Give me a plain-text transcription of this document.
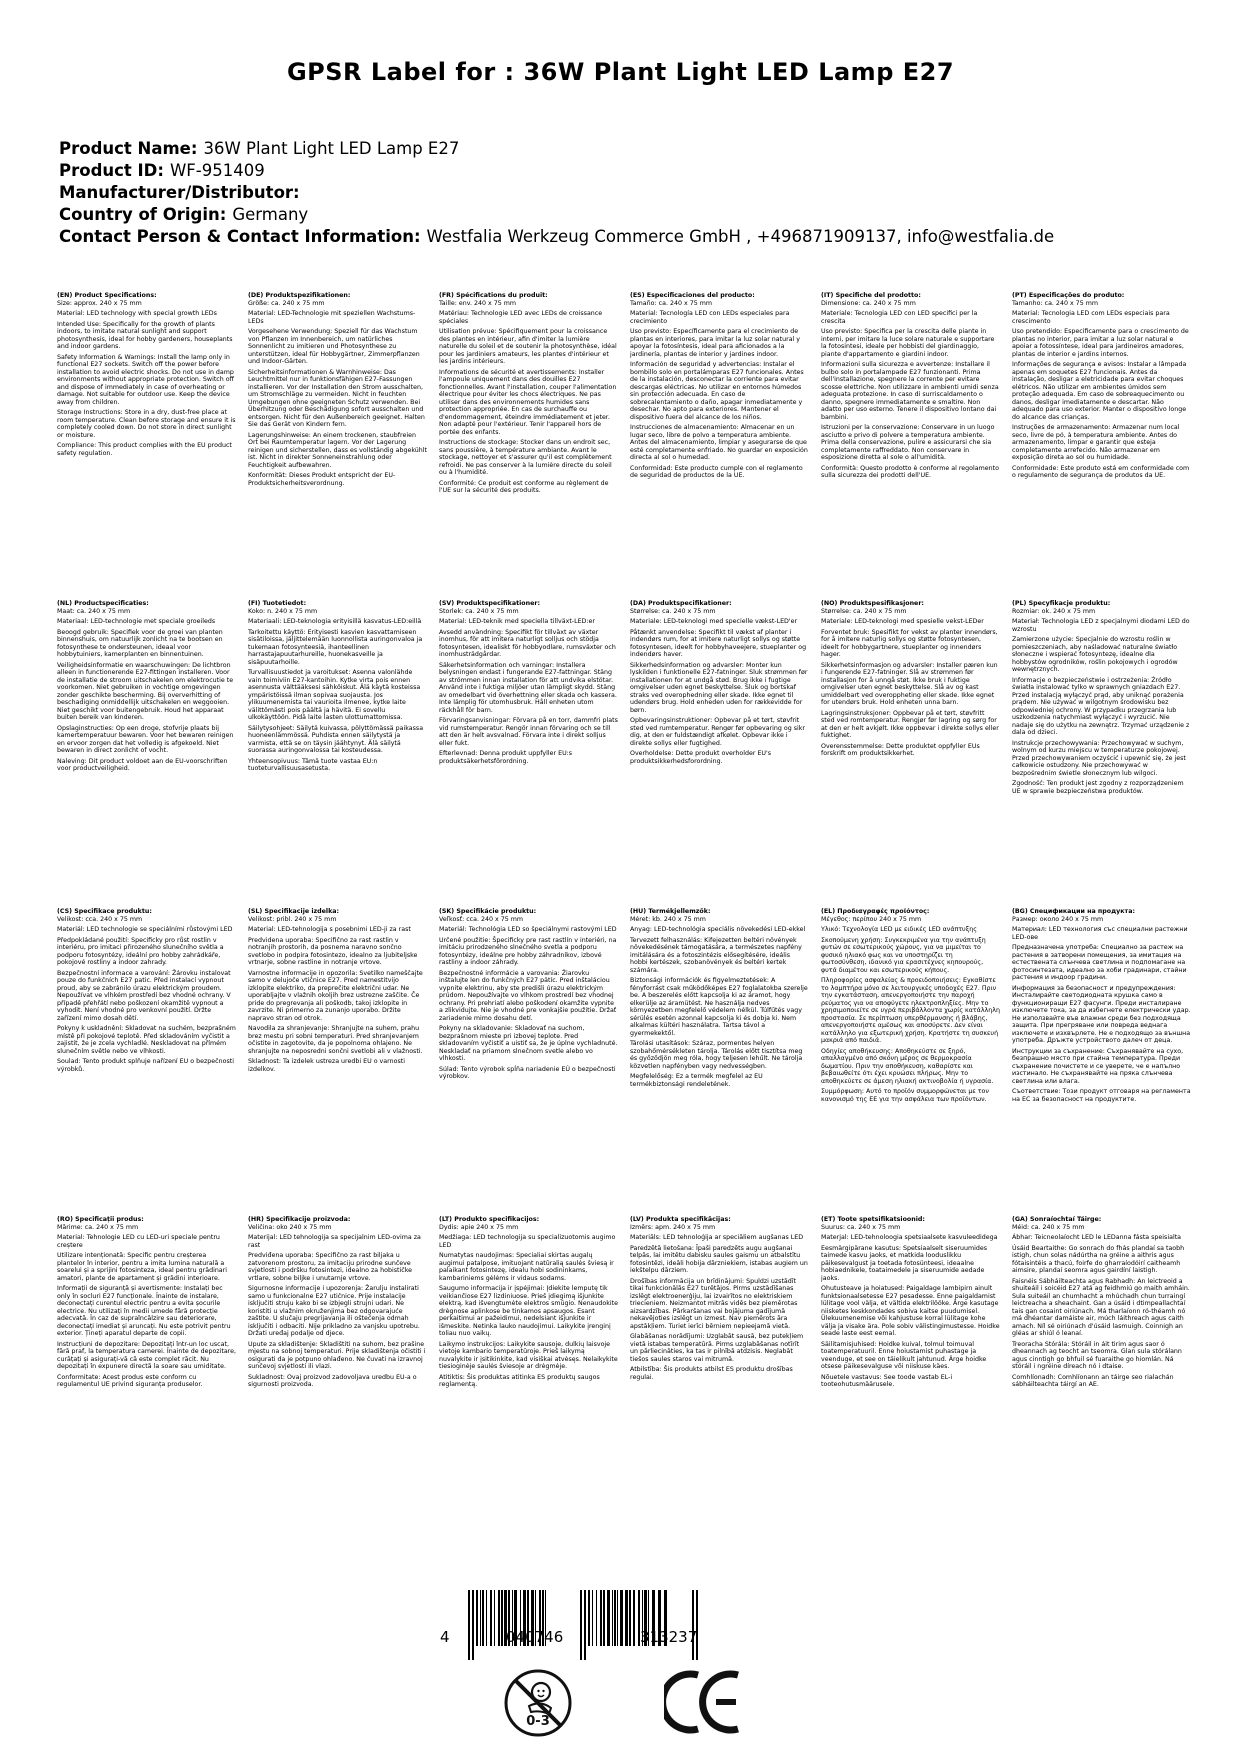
GPSR Label for : 36W Plant Light LED Lamp E27
Product Name: 36W Plant Light LED Lamp E27
Product ID: WF-951409
Manufacturer/Distributor:
Country of Origin: Germany
Contact Person & Contact Information: Westfalia Werkzeug Commerce GmbH , +496871909137, info@westfalia.de
(EN) Product Specifications:

Size: approx. 240 x 75 mm

Material: LED technology with special growth LEDs

Intended Use: Specifically for the growth of plants indoors, to imitate natural sunlight and support photosynthesis, ideal for hobby gardeners, houseplants and indoor gardens.

Safety Information & Warnings: Install the lamp only in functional E27 sockets. Switch off the power before installation to avoid electric shocks. Do not use in damp environments without appropriate protection. Switch off and dispose of immediately in case of overheating or damage. Not suitable for outdoor use. Keep the device away from children.

Storage Instructions: Store in a dry, dust-free place at room temperature. Clean before storage and ensure it is completely cooled down. Do not store in direct sunlight or moisture.

Compliance: This product complies with the EU product safety regulation.

(DE) Produktspezifikationen:

Größe: ca. 240 x 75 mm

Material: LED-Technologie mit speziellen Wachstums-LEDs

Vorgesehene Verwendung: Speziell für das Wachstum von Pflanzen im Innenbereich, um natürliches Sonnenlicht zu imitieren und Photosynthese zu unterstützen, ideal für Hobbygärtner, Zimmerpflanzen und Indoor-Gärten.

Sicherheitsinformationen & Warnhinweise: Das Leuchtmittel nur in funktionsfähigen E27-Fassungen installieren. Vor der Installation den Strom ausschalten, um Stromschläge zu vermeiden. Nicht in feuchten Umgebungen ohne geeigneten Schutz verwenden. Bei Überhitzung oder Beschädigung sofort ausschalten und entsorgen. Nicht für den Außenbereich geeignet. Halten Sie das Gerät von Kindern fern.

Lagerungshinweise: An einem trockenen, staubfreien Ort bei Raumtemperatur lagern. Vor der Lagerung reinigen und sicherstellen, dass es vollständig abgekühlt ist. Nicht in direkter Sonneneinstrahlung oder Feuchtigkeit aufbewahren.

Konformität: Dieses Produkt entspricht der EU-Produktsicherheitsverordnung.

(FR) Spécifications du produit:

Taille: env. 240 x 75 mm

Matériau: Technologie LED avec LEDs de croissance spéciales

Utilisation prévue: Spécifiquement pour la croissance des plantes en intérieur, afin d'imiter la lumière naturelle du soleil et de soutenir la photosynthèse, idéal pour les jardiniers amateurs, les plantes d'intérieur et les jardins intérieurs.

Informations de sécurité et avertissements: Installer l'ampoule uniquement dans des douilles E27 fonctionnelles. Avant l'installation, couper l'alimentation électrique pour éviter les chocs électriques. Ne pas utiliser dans des environnements humides sans protection appropriée. En cas de surchauffe ou d'endommagement, éteindre immédiatement et jeter. Non adapté pour l'extérieur. Tenir l'appareil hors de portée des enfants.

Instructions de stockage: Stocker dans un endroit sec, sans poussière, à température ambiante. Avant le stockage, nettoyer et s'assurer qu'il est complètement refroidi. Ne pas conserver à la lumière directe du soleil ou à l'humidité.

Conformité: Ce produit est conforme au règlement de l'UE sur la sécurité des produits.

(ES) Especificaciones del producto:

Tamaño: ca. 240 x 75 mm

Material: Tecnología LED con LEDs especiales para crecimiento

Uso previsto: Específicamente para el crecimiento de plantas en interiores, para imitar la luz solar natural y apoyar la fotosíntesis, ideal para aficionados a la jardinería, plantas de interior y jardines indoor.

Información de seguridad y advertencias: Instalar el bombillo solo en portalámparas E27 funcionales. Antes de la instalación, desconectar la corriente para evitar descargas eléctricas. No utilizar en entornos húmedos sin protección adecuada. En caso de sobrecalentamiento o daño, apagar inmediatamente y desechar. No apto para exteriores. Mantener el dispositivo fuera del alcance de los niños.

Instrucciones de almacenamiento: Almacenar en un lugar seco, libre de polvo a temperatura ambiente. Antes del almacenamiento, limpiar y asegurarse de que esté completamente enfriado. No guardar en exposición directa al sol o humedad.

Conformidad: Este producto cumple con el reglamento de seguridad de productos de la UE.

(IT) Specifiche del prodotto:

Dimensione: ca. 240 x 75 mm

Materiale: Tecnologia LED con LED specifici per la crescita

Uso previsto: Specifica per la crescita delle piante in interni, per imitare la luce solare naturale e supportare la fotosintesi, ideale per hobbisti del giardinaggio, piante d'appartamento e giardini indoor.

Informazioni sulla sicurezza e avvertenze: Installare il bulbo solo in portalampade E27 funzionanti. Prima dell'installazione, spegnere la corrente per evitare scosse elettriche. Non utilizzare in ambienti umidi senza adeguata protezione. In caso di surriscaldamento o danno, spegnere immediatamente e smaltire. Non adatto per uso esterno. Tenere il dispositivo lontano dai bambini.

Istruzioni per la conservazione: Conservare in un luogo asciutto e privo di polvere a temperatura ambiente. Prima della conservazione, pulire e assicurarsi che sia completamente raffreddato. Non conservare in esposizione diretta al sole o all'umidità.

Conformità: Questo prodotto è conforme al regolamento sulla sicurezza dei prodotti dell'UE.

(PT) Especificações do produto:

Tamanho: ca. 240 x 75 mm

Material: Tecnologia LED com LEDs especiais para crescimento

Uso pretendido: Especificamente para o crescimento de plantas no interior, para imitar a luz solar natural e apoiar a fotossíntese, ideal para jardineiros amadores, plantas de interior e jardins internos.

Informações de segurança e avisos: Instalar a lâmpada apenas em soquetes E27 funcionais. Antes da instalação, desligar a eletricidade para evitar choques elétricos. Não utilizar em ambientes úmidos sem proteção adequada. Em caso de sobreaquecimento ou danos, desligar imediatamente e descartar. Não adequado para uso exterior. Manter o dispositivo longe do alcance das crianças.

Instruções de armazenamento: Armazenar num local seco, livre de pó, à temperatura ambiente. Antes do armazenamento, limpar e garantir que esteja completamente arrefecido. Não armazenar em exposição direta ao sol ou humidade.

Conformidade: Este produto está em conformidade com o regulamento de segurança de produtos da UE.

(NL) Productspecificaties:

Maat: ca. 240 x 75 mm

Materiaal: LED-technologie met speciale groeileds

Beoogd gebruik: Specifiek voor de groei van planten binnenshuis, om natuurlijk zonlicht na te bootsen en fotosynthese te ondersteunen, ideaal voor hobbytuiniers, kamerplanten en binnentuinen.

Veiligheidsinformatie en waarschuwingen: De lichtbron alleen in functionerende E27-fittingen installeren. Voor de installatie de stroom uitschakelen om elektrocutie te voorkomen. Niet gebruiken in vochtige omgevingen zonder geschikte bescherming. Bij oververhitting of beschadiging onmiddellijk uitschakelen en weggooien. Niet geschikt voor buitengebruik. Houd het apparaat buiten bereik van kinderen.

Opslaginstructies: Op een droge, stofvrije plaats bij kamertemperatuur bewaren. Voor het bewaren reinigen en ervoor zorgen dat het volledig is afgekoeld. Niet bewaren in direct zonlicht of vocht.

Naleving: Dit product voldoet aan de EU-voorschriften voor productveiligheid.

(FI) Tuotetiedot:

Koko: n. 240 x 75 mm

Materiaali: LED-teknologia erityisillä kasvatus-LED:eillä

Tarkoitettu käyttö: Erityisesti kasvien kasvattamiseen sisätiloissa, jäljittelemään luonnollista auringonvaloa ja tukemaan fotosynteesiä, ihanteellinen harrastajapuutarhureille, huonekasveille ja sisäpuutarhoille.

Turvallisuustiedot ja varoitukset: Asenna valonlähde vain toimiviin E27-kantoihin. Kytke virta pois ennen asennusta välttääksesi sähköiskut. Älä käytä kosteissa ympäristöissä ilman sopivaa suojausta. Jos ylikuumenemista tai vaurioita ilmenee, kytke laite välittömästi pois päältä ja hävitä. Ei sovellu ulkokäyttöön. Pidä laite lasten ulottumattomissa.

Säilytysohjeet: Säilytä kuivassa, pölyttömässä paikassa huoneenlämmössä. Puhdista ennen säilytystä ja varmista, että se on täysin jäähtynyt. Älä säilytä suorassa auringonvalossa tai kosteudessa.

Yhteensopivuus: Tämä tuote vastaa EU:n tuoteturvallisuusasetusta.

(SV) Produktspecifikationer:

Storlek: ca. 240 x 75 mm

Material: LED-teknik med speciella tillväxt-LED:er

Avsedd användning: Specifikt för tillväxt av växter inomhus, för att imitera naturligt solljus och stödja fotosyntesen, idealiskt för hobbyodlare, rumsväxter och inomhusträdgårdar.

Säkerhetsinformation och varningar: Installera belysningen endast i fungerande E27-fattningar. Stäng av strömmen innan installation för att undvika elstötar. Använd inte i fuktiga miljöer utan lämpligt skydd. Stäng av omedelbart vid överhettning eller skada och kassera. Inte lämplig för utomhusbruk. Håll enheten utom räckhåll för barn.

Förvaringsanvisningar: Förvara på en torr, dammfri plats vid rumstemperatur. Rengör innan förvaring och se till att den är helt avsvalnad. Förvara inte i direkt solljus eller fukt.

Efterlevnad: Denna produkt uppfyller EU:s produktsäkerhetsförordning.

(DA) Produktspecifikationer:

Størrelse: ca. 240 x 75 mm

Materiale: LED-teknologi med specielle vækst-LED'er

Påtænkt anvendelse: Specifikt til vækst af planter i indendørs rum, for at imitere naturligt sollys og støtte fotosyntesen, ideelt for hobbyhaveejere, stueplanter og indendørs haver.

Sikkerhedsinformation og advarsler: Monter kun lyskilden i funktionelle E27-fatninger. Sluk strømmen før installationen for at undgå stød. Brug ikke i fugtige omgivelser uden egnet beskyttelse. Sluk og bortskaf straks ved overophedning eller skade. Ikke egnet til udendørs brug. Hold enheden uden for rækkevidde for børn.

Opbevaringsinstruktioner: Opbevar på et tørt, støvfrit sted ved rumtemperatur. Rengør før opbevaring og sikr dig, at den er fuldstændigt afkølet. Opbevar ikke i direkte sollys eller fugtighed.

Overholdelse: Dette produkt overholder EU's produktsikkerhedsforordning.

(NO) Produktspesifikasjoner:

Størrelse: ca. 240 x 75 mm

Materiale: LED-teknologi med spesielle vekst-LEDer

Forventet bruk: Spesifikt for vekst av planter innendørs, for å imitere naturlig sollys og støtte fotosyntesen, ideelt for hobbygartnere, stueplanter og innendørs hager.

Sikkerhetsinformasjon og advarsler: Installer pæren kun i fungerende E27-fatninger. Slå av strømmen før installasjon for å unngå støt. Ikke bruk i fuktige omgivelser uten egnet beskyttelse. Slå av og kast umiddelbart ved overoppheting eller skade. Ikke egnet for utendørs bruk. Hold enheten unna barn.

Lagringsinstruksjoner: Oppbevar på et tørt, støvfritt sted ved romtemperatur. Rengjør før lagring og sørg for at den er helt avkjølt. Ikke oppbevar i direkte sollys eller fuktighet.

Overensstemmelse: Dette produktet oppfyller EUs forskrift om produktsikkerhet.

(PL) Specyfikacje produktu:

Rozmiar: ok. 240 x 75 mm

Materiał: Technologia LED z specjalnymi diodami LED do wzrostu

Zamierzone użycie: Specjalnie do wzrostu roślin w pomieszczeniach, aby naśladować naturalne światło słoneczne i wspierać fotosyntezę, idealne dla hobbystów ogrodników, roślin pokojowych i ogrodów wewnętrznych.

Informacje o bezpieczeństwie i ostrzeżenia: Źródło światła instalować tylko w sprawnych gniazdach E27. Przed instalacją wyłączyć prąd, aby uniknąć porażenia prądem. Nie używać w wilgotnym środowisku bez odpowiedniej ochrony. W przypadku przegrzania lub uszkodzenia natychmiast wyłączyć i wyrzucić. Nie nadaje się do użytku na zewnątrz. Trzymać urządzenie z dala od dzieci.

Instrukcje przechowywania: Przechowywać w suchym, wolnym od kurzu miejscu w temperaturze pokojowej. Przed przechowywaniem oczyścić i upewnić się, że jest całkowicie ostudzony. Nie przechowywać w bezpośrednim świetle słonecznym lub wilgoci.

Zgodność: Ten produkt jest zgodny z rozporządzeniem UE w sprawie bezpieczeństwa produktów.

(CS) Specifikace produktu:

Velikost: cca. 240 x 75 mm

Materiál: LED technologie se speciálními růstovými LED

Předpokládané použití: Specificky pro růst rostlin v interiéru, pro imitaci přirozeného slunečního světla a podporu fotosyntézy, ideální pro hobby zahrádkáře, pokojové rostliny a indoor zahrady.

Bezpečnostní informace a varování: Žárovku instalovat pouze do funkčních E27 patic. Před instalací vypnout proud, aby se zabránilo úrazu elektrickým proudem. Nepoužívat ve vlhkém prostředí bez vhodné ochrany. V případě přehřátí nebo poškození okamžitě vypnout a vyhodit. Není vhodné pro venkovní použití. Držte zařízení mimo dosah dětí.

Pokyny k uskladnění: Skladovat na suchém, bezprašném místě při pokojové teplotě. Před skladováním vyčistit a zajistit, že je zcela vychladlé. Neskladovat na přímém slunečním světle nebo ve vlhkosti.

Soulad: Tento produkt splňuje nařízení EU o bezpečnosti výrobků.

(SL) Specifikacije izdelka:

Velikost: pribl. 240 x 75 mm

Material: LED-tehnologija s posebnimi LED-ji za rast

Predvidena uporaba: Specifično za rast rastlin v notranjih prostorih, da posnema naravno sončno svetlobo in podpira fotosintezo, idealno za ljubiteljske vrtnarje, sobne rastline in notranje vrtove.

Varnostne informacije in opozorila: Svetilko nameščajte samo v delujoče vtičnice E27. Pred namestitvijo izklopite elektriko, da preprečite električni udar. Ne uporabljajte v vlažnih okoljih brez ustrezne zaščite. Če pride do pregrevanja ali poškodb, takoj izklopite in zavrzite. Ni primerno za zunanjo uporabo. Držite napravo stran od otrok.

Navodila za shranjevanje: Shranjujte na suhem, prahu brez mestu pri sobni temperaturi. Pred shranjevanjem očistite in zagotovite, da je popolnoma ohlajeno. Ne shranjujte na neposredni sončni svetlobi ali v vlažnosti.

Skladnost: Ta izdelek ustreza uredbi EU o varnosti izdelkov.

(SK) Špecifikácie produktu:

Veľkosť: cca. 240 x 75 mm

Materiál: Technológia LED so špeciálnymi rastovými LED

Určené použitie: Špecificky pre rast rastlín v interiéri, na imitáciu prirodzeného slnečného svetla a podporu fotosyntézy, ideálne pre hobby záhradníkov, izbové rastliny a indoor záhrady.

Bezpečnostné informácie a varovania: Žiarovku inštalujte len do funkčných E27 pätíc. Pred inštaláciou vypnite elektrinu, aby ste predišli úrazu elektrickým prúdom. Nepoužívajte vo vlhkom prostredí bez vhodnej ochrany. Pri prehriatí alebo poškodení okamžite vypnite a zlikvidujte. Nie je vhodné pre vonkajšie použitie. Držať zariadenie mimo dosahu detí.

Pokyny na skladovanie: Skladovať na suchom, bezprašnom mieste pri izbovej teplote. Pred skladovaním vyčistiť a uistiť sa, že je úplne vychladnuté. Neskladať na priamom slnečnom svetle alebo vo vlhkosti.

Súlad: Tento výrobok spĺňa nariadenie EÚ o bezpečnosti výrobkov.

(HU) Termékjellemzők:

Méret: kb. 240 x 75 mm

Anyag: LED-technológia speciális növekedési LED-ekkel

Tervezett felhasználás: Kifejezetten beltéri növények növekedésének támogatására, a természetes napfény imitálására és a fotoszintézis elősegítésére, ideális hobbi kertészek, szobanövények és beltéri kertek számára.

Biztonsági információk és figyelmeztetések: A fényforrást csak működőképes E27 foglalatokba szerelje be. A beszerelés előtt kapcsolja ki az áramot, hogy elkerülje az áramütést. Ne használja nedves környezetben megfelelő védelem nélkül. Túlfűtés vagy sérülés esetén azonnal kapcsolja ki és dobja ki. Nem alkalmas kültéri használatra. Tartsa távol a gyermekektől.

Tárolási utasítások: Száraz, pormentes helyen szobahőmérsékleten tárolja. Tárolás előtt tisztítsa meg és győződjön meg róla, hogy teljesen lehűlt. Ne tárolja közvetlen napfényben vagy nedvességben.

Megfelelőség: Ez a termék megfelel az EU termékbiztonsági rendeletének.

(EL) Προδιαγραφές προϊόντος:

Μέγεθος: περίπου 240 x 75 mm

Υλικό: Τεχνολογία LED με ειδικές LED ανάπτυξης

Σκοπούμενη χρήση: Συγκεκριμένα για την ανάπτυξη φυτών σε εσωτερικούς χώρους, για να μιμείται το φυσικό ηλιακό φως και να υποστηρίζει τη φωτοσύνθεση, ιδανικό για ερασιτέχνες κηπουρούς, φυτά διαμέτου και εσωτερικούς κήπους.

Πληροφορίες ασφαλείας & προειδοποιήσεις: Εγκαθίστε το λαμπτήρα μόνο σε λειτουργικές υποδοχές E27. Πριν την εγκατάσταση, απενεργοποιήστε την παροχή ρεύματος για να αποφύγετε ηλεκτροπληξίες. Μην το χρησιμοποιείτε σε υγρά περιβάλλοντα χωρίς κατάλληλη προστασία. Σε περίπτωση υπερθέρμανσης ή βλάβης, απενεργοποιήστε αμέσως και αποσύρετε. Δεν είναι κατάλληλο για εξωτερική χρήση. Κρατήστε τη συσκευή μακριά από παιδιά.

Οδηγίες αποθήκευσης: Αποθηκεύστε σε ξηρό, απαλλαγμένο από σκόνη μέρος σε θερμοκρασία δωματίου. Πριν την αποθήκευση, καθαρίστε και βεβαιωθείτε ότι έχει κρυώσει πλήρως. Μην το αποθηκεύετε σε άμεση ηλιακή ακτινοβολία ή υγρασία.

Συμμόρφωση: Αυτό το προϊόν συμμορφώνεται με τον κανονισμό της ΕΕ για την ασφάλεια των προϊόντων.

(BG) Спецификации на продукта:

Размер: около 240 x 75 mm

Материал: LED технология със специални растежни LED-ове

Предназначена употреба: Специално за растеж на растения в затворени помещения, за имитация на естествената слънчева светлина и подпомагане на фотосинтезата, идеално за хоби градинари, стайни растения и индоор градини.

Информация за безопасност и предупреждения: Инсталирайте светодиодната крушка само в функциониращи E27 фасунги. Преди инсталиране изключете тока, за да избегнете електрически удар. Не използвайте във влажни среди без подходяща защита. При прегряване или повреда веднага изключете и изхвърлете. Не е подходящо за външна употреба. Дръжте устройството далеч от деца.

Инструкции за съхранение: Съхранявайте на сухо, безпрашно място при стайна температура. Преди съхранение почистете и се уверете, че е напълно изстинало. Не съхранявайте на пряка слънчева светлина или влага.

Съответствие: Този продукт отговаря на регламента на ЕС за безопасност на продуктите.

(RO) Specificații produs:

Mărime: ca. 240 x 75 mm

Material: Tehnologie LED cu LED-uri speciale pentru creștere

Utilizare intenționată: Specific pentru creșterea plantelor în interior, pentru a imita lumina naturală a soarelui și a sprijini fotosinteza, ideal pentru grădinari amatori, plante de apartament și grădini interioare.

Informații de siguranță și avertismente: Instalați bec only în socluri E27 funcționale. Înainte de instalare, deconectați curentul electric pentru a evita șocurile electrice. Nu utilizați în medii umede fără protecție adecvată. În caz de supraîncălzire sau deteriorare, deconectați imediat și aruncați. Nu este potrivit pentru exterior. Țineți aparatul departe de copii.

Instrucțiuni de depozitare: Depozitați într-un loc uscat, fără praf, la temperatura camerei. Înainte de depozitare, curățați și asigurați-vă că este complet răcit. Nu depozitați în expunere directă la soare sau umiditate.

Conformitate: Acest produs este conform cu regulamentul UE privind siguranța produselor.

(HR) Specifikacije proizvoda:

Veličina: oko 240 x 75 mm

Materijal: LED tehnologija sa specijalnim LED-ovima za rast

Predviđena uporaba: Specifično za rast biljaka u zatvorenom prostoru, za imitaciju prirodne sunčeve svjetlosti i podršku fotosintezi, idealno za hobističke vrtlare, sobne biljke i unutarnje vrtove.

Sigurnosne informacije i upozorenja: Žarulju instalirati samo u funkcionalne E27 utičnice. Prije instalacije isključiti struju kako bi se izbjegli strujni udari. Ne koristiti u vlažnim okruženjima bez odgovarajuće zaštite. U slučaju pregrijavanja ili oštećenja odmah isključiti i odbaciti. Nije prikladno za vanjsku upotrebu. Držati uređaj podalje od djece.

Upute za skladištenje: Skladištiti na suhom, bez prašine mjestu na sobnoj temperaturi. Prije skladištenja očistiti i osigurati da je potpuno ohlađeno. Ne čuvati na izravnoj sunčevoj svjetlosti ili vlazi.

Sukladnost: Ovaj proizvod zadovoljava uredbu EU-a o sigurnosti proizvoda.

(LT) Produkto specifikacijos:

Dydis: apie 240 x 75 mm

Medžiaga: LED technologija su specializuotomis augimo LED

Numatytas naudojimas: Specialiai skirtas augalų augimui patalpose, imituojant natūralią saulės šviesą ir palaikant fotosintezę, idealu hobi sodininkams, kambariniems gėlėms ir vidaus sodams.

Saugumo informacija ir įspėjimai: Įdiekite lemputę tik veikiančiose E27 lizdiniuose. Prieš įdiegimą išjunkite elektrą, kad išvengtumėte elektros smūgio. Nenaudokite drėgnose aplinkose be tinkamos apsaugos. Esant perkaitimui ar pažeidimui, nedelsiant išjunkite ir išmeskite. Netinka lauko naudojimui. Laikykite įrenginį toliau nuo vaikų.

Laikymo instrukcijos: Laikykite sausoje, dulkių laisvoje vietoje kambario temperatūroje. Prieš laikymą nuvalykite ir įsitikinkite, kad visiškai atvėsęs. Nelaikykite tiesioginėje saulės šviesoje ar drėgmėje.

Atitiktis: Šis produktas atitinka ES produktų saugos reglamentą.

(LV) Produkta specifikācijas:

Izmērs: apm. 240 x 75 mm

Materiāls: LED tehnoloģija ar speciāliem augšanas LED

Paredzētā lietošana: Īpaši paredzēts augu augšanai telpās, lai imitētu dabisku saules gaismu un atbalstītu fotosintēzi, ideāli hobija dārzniekiem, istabas augiem un iekštelpu dārziem.

Drošības informācija un brīdinājumi: Spuldzi uzstādīt tikai funkcionālās E27 turētājos. Pirms uzstādīšanas izslēgt elektroenerģiju, lai izvairītos no elektriskiem triecieniem. Neizmantot mitrās vidēs bez piemērotas aizsardzības. Pārkaršanas vai bojājuma gadījumā nekavējoties izslēgt un izmest. Nav piemērots āra apstākļiem. Turiet ierīci bērniem nepieejamā vietā.

Glabāšanas norādījumi: Uzglabāt sausā, bez putekļiem vietā istabas temperatūrā. Pirms uzglabāšanas notīrīt un pārliecināties, ka tas ir pilnībā atdzisis. Neglabāt tiešos saules staros vai mitrumā.

Atbilstība: Šis produkts atbilst ES produktu drošības regulai.

(ET) Toote spetsifikatsioonid:

Suurus: ca. 240 x 75 mm

Materjal: LED-tehnoloogia spetsiaalsete kasvuleedidega

Eesmärgipärane kasutus: Spetsiaalselt siseruumides taimede kasvu jaoks, et matkida looduslikku päikesevalgust ja toetada fotosünteesi, ideaalne hobiaednikele, toataimedele ja siseruumide aedade jaoks.

Ohutusteave ja hoiatused: Paigaldage lambipirn ainult funktsionaalsetesse E27 pesadesse. Enne paigaldamist lülitage vool välja, et vältida elektrilööke. Ärge kasutage niisketes keskkondades sobiva kaitse puudumisel. Ülekuumenemise või kahjustuse korral lülitage kohe välja ja visake ära. Pole sobiv välistingimustesse. Hoidke seade laste eest eemal.

Säilitamisjuhised: Hoidke kuival, tolmul toimuval toatemperatuuril. Enne hoiustamist puhastage ja veenduge, et see on täielikult jahtunud. Ärge hoidke otsese päikesevalguse või niiskuse käes.

Nõuetele vastavus: See toode vastab EL-i tooteohutusmäärusele.

(GA) Sonraíochtaí Táirge:

Méid: ca. 240 x 75 mm

Ábhar: Teicneolaíocht LED le LEDanna fásta speisialta

Úsáid Beartaithe: Go sonrach do fhás plandaí sa taobh istigh, chun solas nádúrtha na gréine a aithris agus fótaisintéis a thacú, foirfe do gharraíodóirí caitheamh aimsire, plandaí seomra agus gairdíní laistigh.

Faisnéis Sábháilteachta agus Rabhadh: An leictreoid a shuiteáil i soicéid E27 atá ag feidhmiú go maith amháin. Sula suiteáil an chumhacht a mhúchadh chun turraingí leictreacha a sheachaint. Gan a úsáid i dtimpeallachtaí tais gan cosaint oiriúnach. Má tharlaíonn ró-théamh nó má dhéantar damáiste air, múch láithreach agus caith amach. Níl sé oiriúnach d'úsáid lasmuigh. Coinnigh an gléas ar shiúl ó leanaí.

Treoracha Stórála: Stóráil in áit tirim agus saor ó dheannach ag teocht an tseomra. Glan sula stórálann agus cinntigh go bhfuil sé fuaraithe go hiomlán. Ná stóráil i ngréine díreach nó i dtaise.

Comhlíonadh: Comhlíonann an táirge seo rialachán sábháilteachta táirgí an AE.

4	040746	313237
0-3
